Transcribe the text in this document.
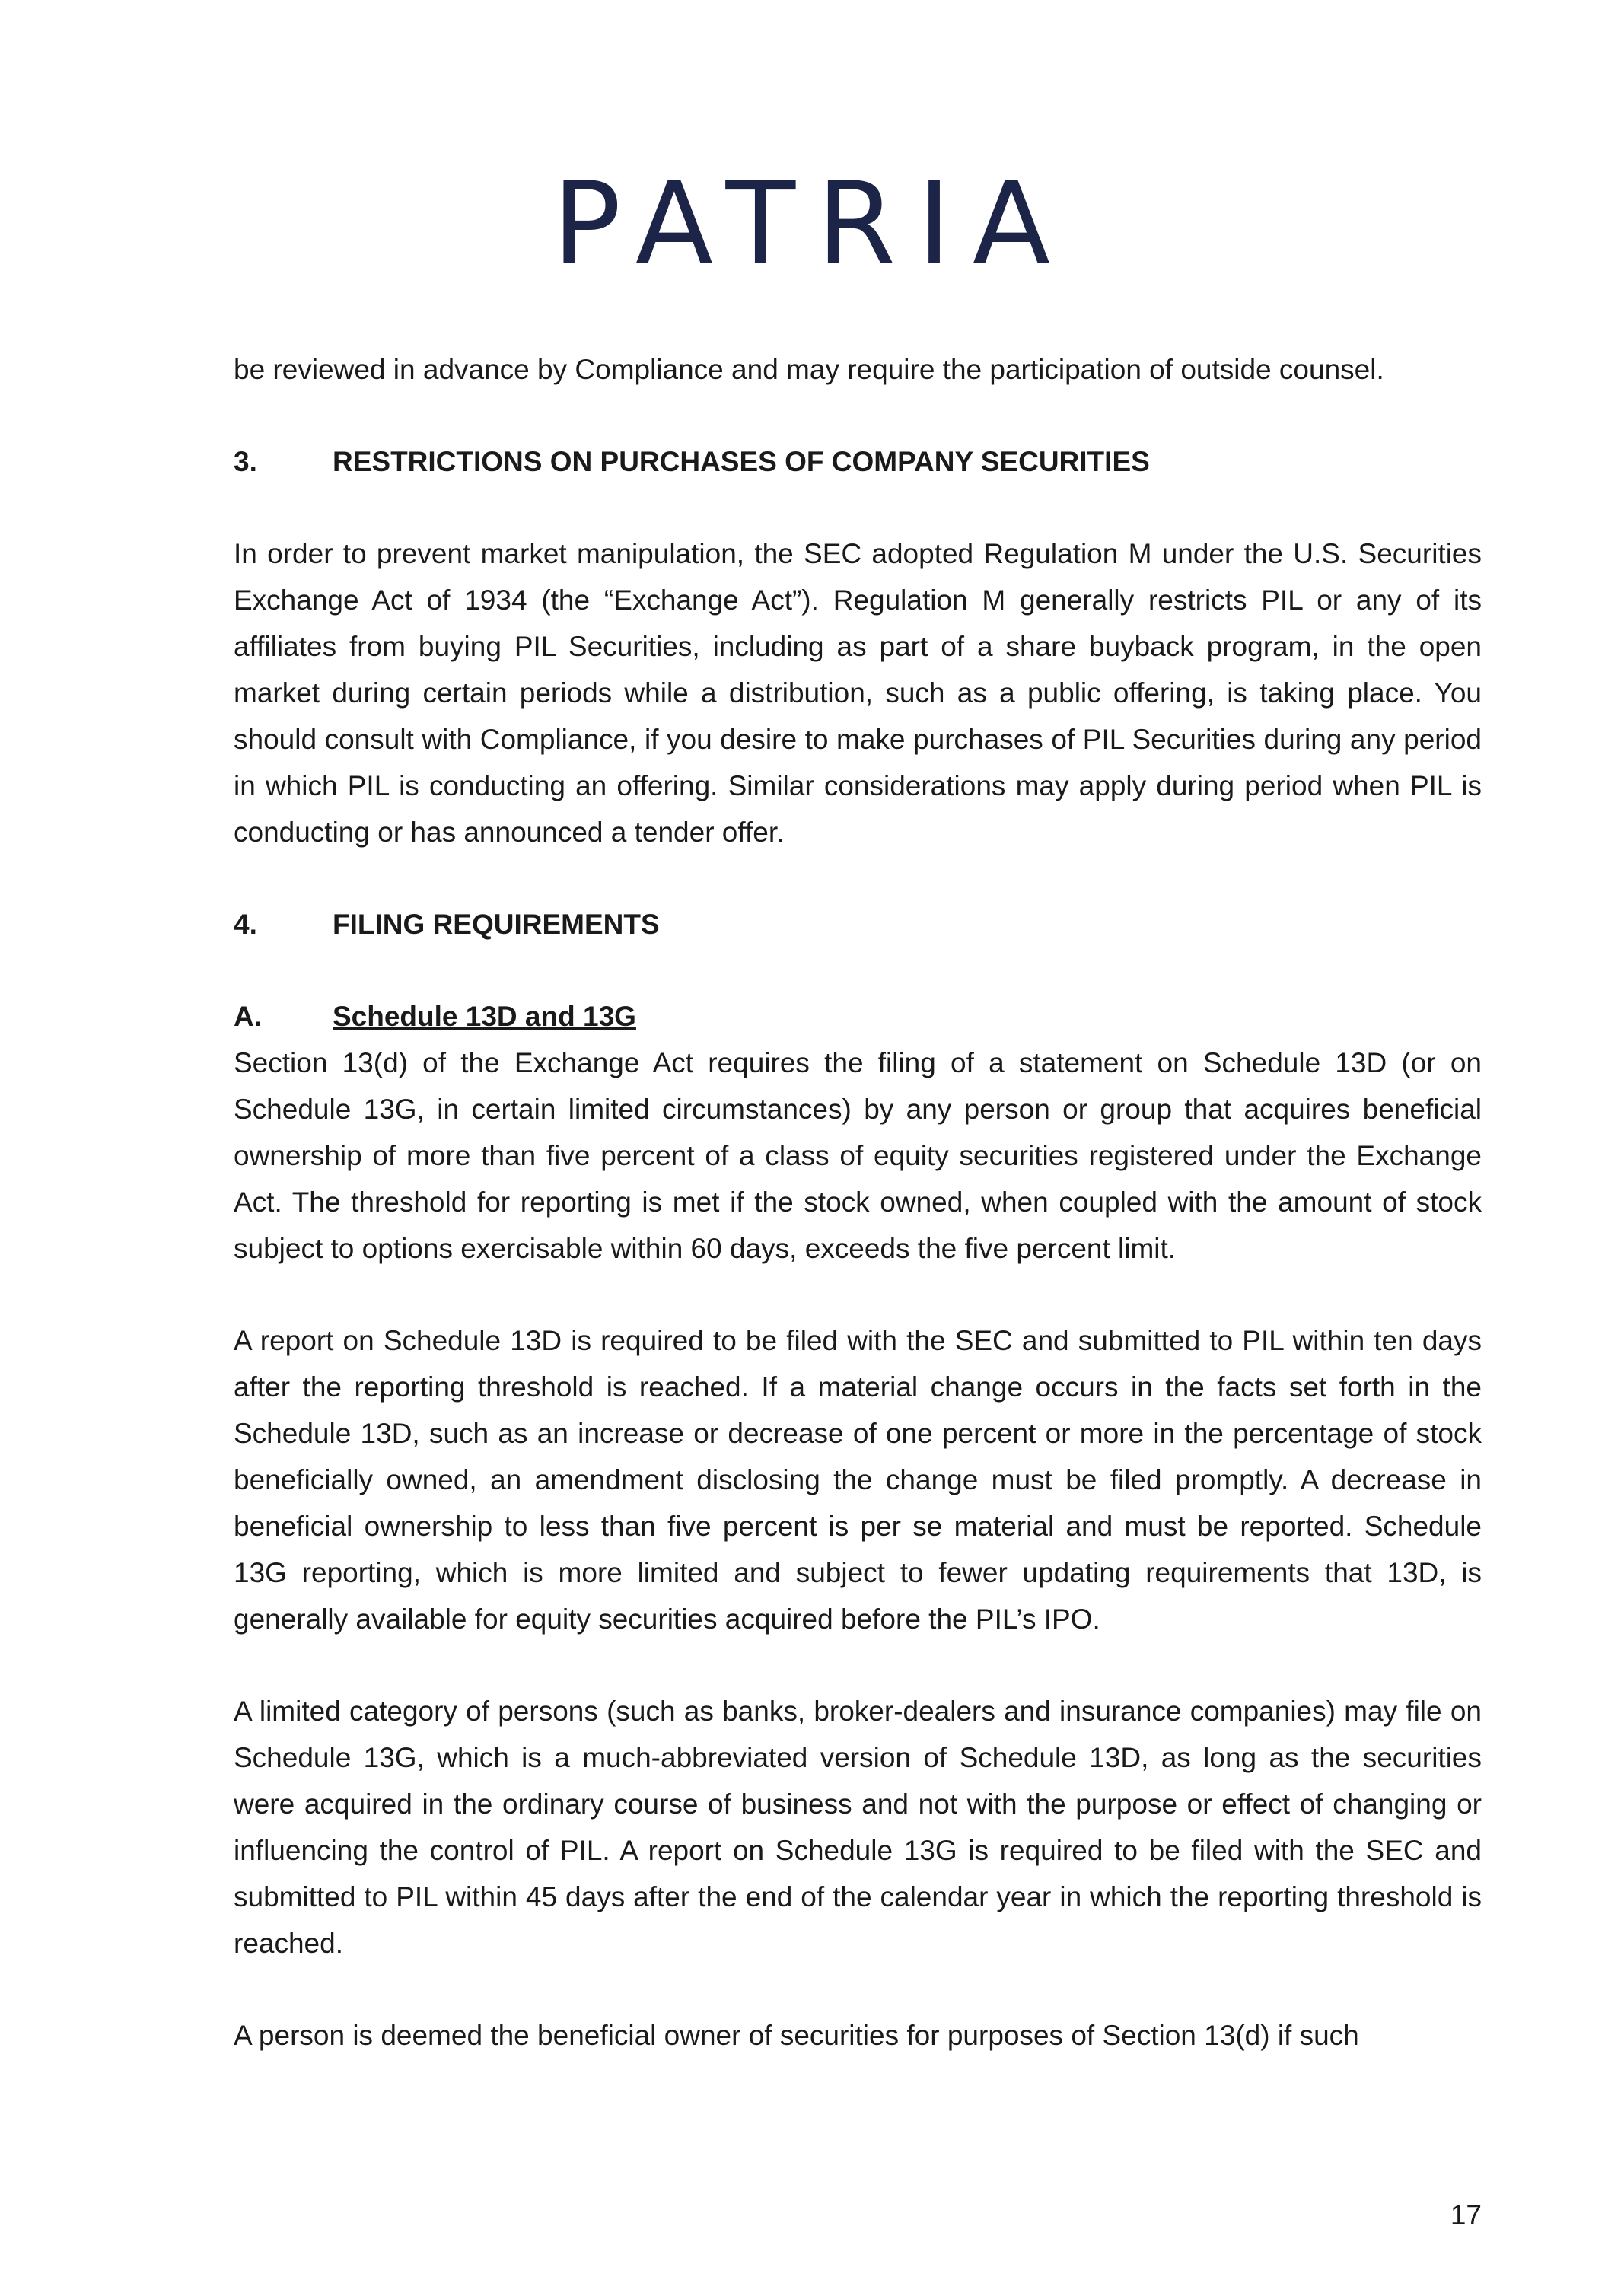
PATRIA

be reviewed in advance by Compliance and may require the participation of outside counsel.

3.	RESTRICTIONS ON PURCHASES OF COMPANY SECURITIES

In order to prevent market manipulation, the SEC adopted Regulation M under the U.S. Securities Exchange Act of 1934 (the “Exchange Act”). Regulation M generally restricts PIL or any of its affiliates from buying PIL Securities, including as part of a share buyback program, in the open market during certain periods while a distribution, such as a public offering, is taking place. You should consult with Compliance, if you desire to make purchases of PIL Securities during any period in which PIL is conducting an offering. Similar considerations may apply during period when PIL is conducting or has announced a tender offer.

4.	FILING REQUIREMENTS
A.	Schedule 13D and 13G

Section 13(d) of the Exchange Act requires the filing of a statement on Schedule 13D (or on Schedule 13G, in certain limited circumstances) by any person or group that acquires beneficial ownership of more than five percent of a class of equity securities registered under the Exchange Act. The threshold for reporting is met if the stock owned, when coupled with the amount of stock subject to options exercisable within 60 days, exceeds the five percent limit.

A report on Schedule 13D is required to be filed with the SEC and submitted to PIL within ten days after the reporting threshold is reached. If a material change occurs in the facts set forth in the Schedule 13D, such as an increase or decrease of one percent or more in the percentage of stock beneficially owned, an amendment disclosing the change must be filed promptly. A decrease in beneficial ownership to less than five percent is per se material and must be reported. Schedule 13G reporting, which is more limited and subject to fewer updating requirements that 13D, is generally available for equity securities acquired before the PIL’s IPO.

A limited category of persons (such as banks, broker-dealers and insurance companies) may file on Schedule 13G, which is a much-abbreviated version of Schedule 13D, as long as the securities were acquired in the ordinary course of business and not with the purpose or effect of changing or influencing the control of PIL. A report on Schedule 13G is required to be filed with the SEC and submitted to PIL within 45 days after the end of the calendar year in which the reporting threshold is reached.

A person is deemed the beneficial owner of securities for purposes of Section 13(d) if such

17
